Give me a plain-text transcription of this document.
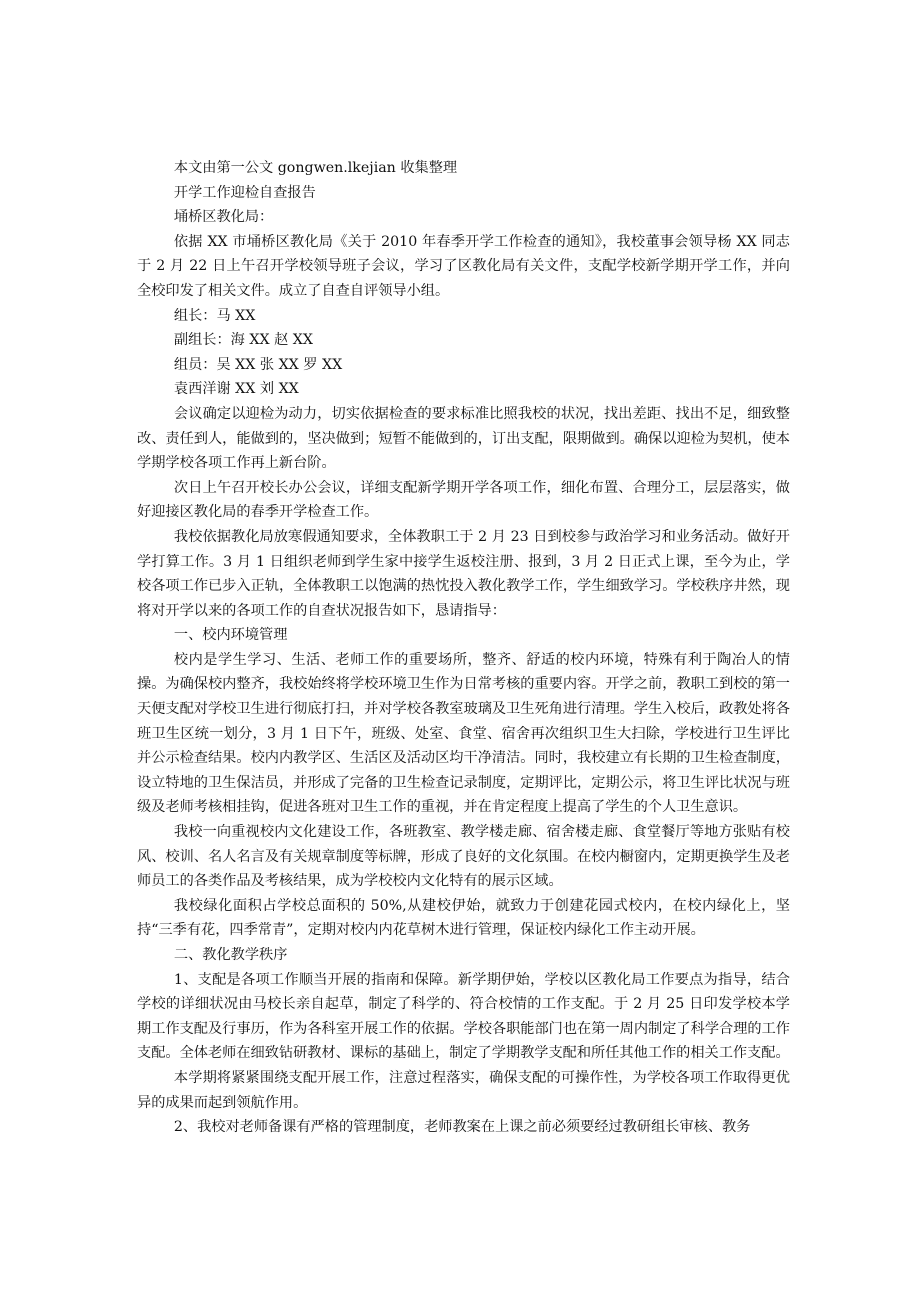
本文由第一公文 gongwen.lkejian 收集整理

开学工作迎检自查报告

埇桥区教化局：

依据 XX 市埇桥区教化局《关于 2010 年春季开学工作检查的通知》，我校董事会领导杨 XX 同志于 2 月 22 日上午召开学校领导班子会议，学习了区教化局有关文件，支配学校新学期开学工作，并向全校印发了相关文件。成立了自查自评领导小组。

组长：马 XX

副组长：海 XX 赵 XX

组员：吴 XX 张 XX 罗 XX

袁西洋谢 XX 刘 XX

会议确定以迎检为动力，切实依据检查的要求标准比照我校的状况，找出差距、找出不足，细致整改、责任到人，能做到的，坚决做到；短暂不能做到的，订出支配，限期做到。确保以迎检为契机，使本学期学校各项工作再上新台阶。

次日上午召开校长办公会议，详细支配新学期开学各项工作，细化布置、合理分工，层层落实，做好迎接区教化局的春季开学检查工作。

我校依据教化局放寒假通知要求，全体教职工于 2 月 23 日到校参与政治学习和业务活动。做好开学打算工作。3 月 1 日组织老师到学生家中接学生返校注册、报到，3 月 2 日正式上课，至今为止，学校各项工作已步入正轨，全体教职工以饱满的热忱投入教化教学工作，学生细致学习。学校秩序井然，现将对开学以来的各项工作的自查状况报告如下，恳请指导：

一、校内环境管理

校内是学生学习、生活、老师工作的重要场所，整齐、舒适的校内环境，特殊有利于陶冶人的情操。为确保校内整齐，我校始终将学校环境卫生作为日常考核的重要内容。开学之前，教职工到校的第一天便支配对学校卫生进行彻底打扫，并对学校各教室玻璃及卫生死角进行清理。学生入校后，政教处将各班卫生区统一划分，3 月 1 日下午，班级、处室、食堂、宿舍再次组织卫生大扫除，学校进行卫生评比并公示检查结果。校内内教学区、生活区及活动区均干净清洁。同时，我校建立有长期的卫生检查制度，设立特地的卫生保洁员，并形成了完备的卫生检查记录制度，定期评比，定期公示，将卫生评比状况与班级及老师考核相挂钩，促进各班对卫生工作的重视，并在肯定程度上提高了学生的个人卫生意识。

我校一向重视校内文化建设工作，各班教室、教学楼走廊、宿舍楼走廊、食堂餐厅等地方张贴有校风、校训、名人名言及有关规章制度等标牌，形成了良好的文化氛围。在校内橱窗内，定期更换学生及老师员工的各类作品及考核结果，成为学校校内文化特有的展示区域。

我校绿化面积占学校总面积的 50%,从建校伊始，就致力于创建花园式校内，在校内绿化上，坚持“三季有花，四季常青”，定期对校内内花草树木进行管理，保证校内绿化工作主动开展。

二、教化教学秩序

1、支配是各项工作顺当开展的指南和保障。新学期伊始，学校以区教化局工作要点为指导，结合学校的详细状况由马校长亲自起草，制定了科学的、符合校情的工作支配。于 2 月 25 日印发学校本学期工作支配及行事历，作为各科室开展工作的依据。学校各职能部门也在第一周内制定了科学合理的工作支配。全体老师在细致钻研教材、课标的基础上，制定了学期教学支配和所任其他工作的相关工作支配。

本学期将紧紧围绕支配开展工作，注意过程落实，确保支配的可操作性，为学校各项工作取得更优异的成果而起到领航作用。

2、我校对老师备课有严格的管理制度，老师教案在上课之前必须要经过教研组长审核、教务
